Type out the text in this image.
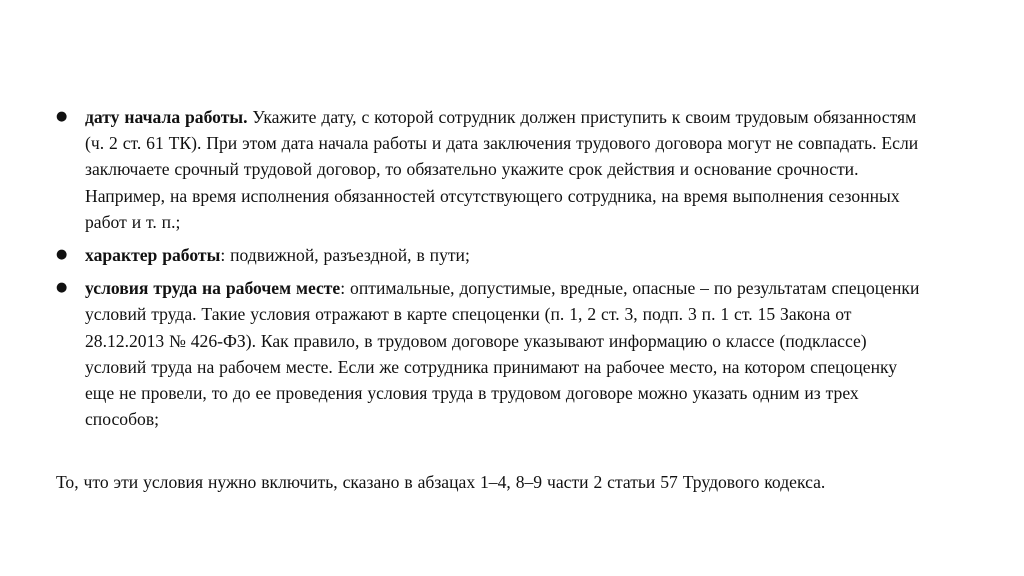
● дату начала работы. Укажите дату, с которой сотрудник должен приступить к своим трудовым обязанностям
(ч. 2 ст. 61 ТК). При этом дата начала работы и дата заключения трудового договора могут не совпадать. Если
заключаете срочный трудовой договор, то обязательно укажите срок действия и основание срочности.
Например, на время исполнения обязанностей отсутствующего сотрудника, на время выполнения сезонных
работ и т. п.;
● характер работы: подвижной, разъездной, в пути;
● условия труда на рабочем месте: оптимальные, допустимые, вредные, опасные – по результатам спецоценки
условий труда. Такие условия отражают в карте спецоценки (п. 1, 2 ст. 3, подп. 3 п. 1 ст. 15 Закона от
28.12.2013 № 426-ФЗ). Как правило, в трудовом договоре указывают информацию о классе (подклассе)
условий труда на рабочем месте. Если же сотрудника принимают на рабочее место, на котором спецоценку
еще не провели, то до ее проведения условия труда в трудовом договоре можно указать одним из трех
способов;

То, что эти условия нужно включить, сказано в абзацах 1–4, 8–9 части 2 статьи 57 Трудового кодекса.
